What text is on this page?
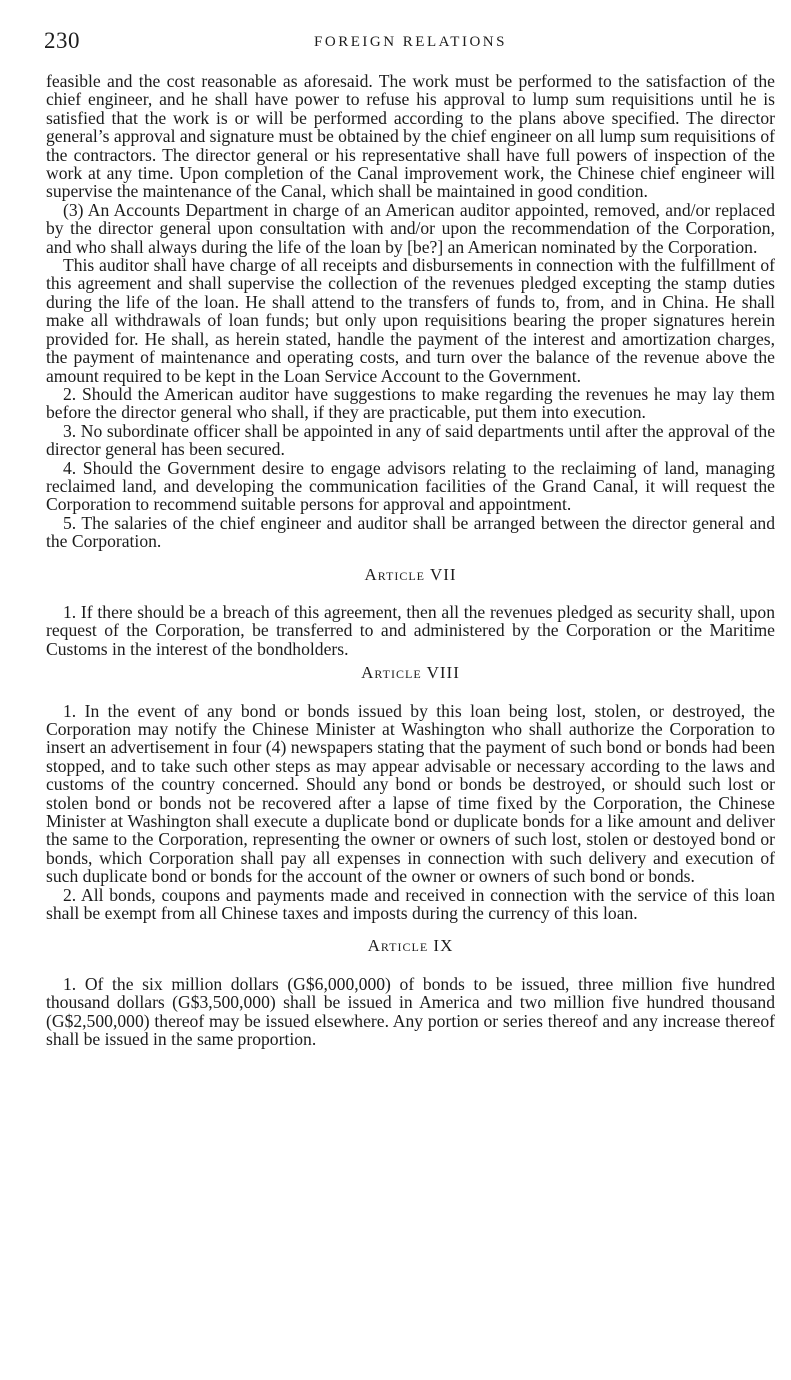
230	FOREIGN RELATIONS

feasible and the cost reasonable as aforesaid. The work must be performed to the satisfaction of the chief engineer, and he shall have power to refuse his approval to lump sum requisitions until he is satisfied that the work is or will be performed according to the plans above specified. The director general’s approval and signature must be obtained by the chief engineer on all lump sum requisitions of the contractors. The director general or his representative shall have full powers of inspection of the work at any time. Upon completion of the Canal improvement work, the Chinese chief engineer will supervise the maintenance of the Canal, which shall be maintained in good condition.

(3) An Accounts Department in charge of an American auditor appointed, removed, and/or replaced by the director general upon consultation with and/or upon the recommendation of the Corporation, and who shall always during the life of the loan by [be?] an American nominated by the Corporation.

This auditor shall have charge of all receipts and disbursements in connection with the fulfillment of this agreement and shall supervise the collection of the revenues pledged excepting the stamp duties during the life of the loan. He shall attend to the transfers of funds to, from, and in China. He shall make all withdrawals of loan funds; but only upon requisitions bearing the proper signatures herein provided for. He shall, as herein stated, handle the payment of the interest and amortization charges, the payment of maintenance and operating costs, and turn over the balance of the revenue above the amount required to be kept in the Loan Service Account to the Government.

2. Should the American auditor have suggestions to make regarding the revenues he may lay them before the director general who shall, if they are practicable, put them into execution.

3. No subordinate officer shall be appointed in any of said departments until after the approval of the director general has been secured.

4. Should the Government desire to engage advisors relating to the reclaiming of land, managing reclaimed land, and developing the communication facilities of the Grand Canal, it will request the Corporation to recommend suitable persons for approval and appointment.

5. The salaries of the chief engineer and auditor shall be arranged between the director general and the Corporation.

Article VII

1. If there should be a breach of this agreement, then all the revenues pledged as security shall, upon request of the Corporation, be transferred to and administered by the Corporation or the Maritime Customs in the interest of the bondholders.

Article VIII

1. In the event of any bond or bonds issued by this loan being lost, stolen, or destroyed, the Corporation may notify the Chinese Minister at Washington who shall authorize the Corporation to insert an advertisement in four (4) newspapers stating that the payment of such bond or bonds had been stopped, and to take such other steps as may appear advisable or necessary according to the laws and customs of the country concerned. Should any bond or bonds be destroyed, or should such lost or stolen bond or bonds not be recovered after a lapse of time fixed by the Corporation, the Chinese Minister at Washington shall execute a duplicate bond or duplicate bonds for a like amount and deliver the same to the Corporation, representing the owner or owners of such lost, stolen or destoyed bond or bonds, which Corporation shall pay all expenses in connection with such delivery and execution of such duplicate bond or bonds for the account of the owner or owners of such bond or bonds.

2. All bonds, coupons and payments made and received in connection with the service of this loan shall be exempt from all Chinese taxes and imposts during the currency of this loan.

Article IX

1. Of the six million dollars (G$6,000,000) of bonds to be issued, three million five hundred thousand dollars (G$3,500,000) shall be issued in America and two million five hundred thousand (G$2,500,000) thereof may be issued elsewhere. Any portion or series thereof and any increase thereof shall be issued in the same proportion.
